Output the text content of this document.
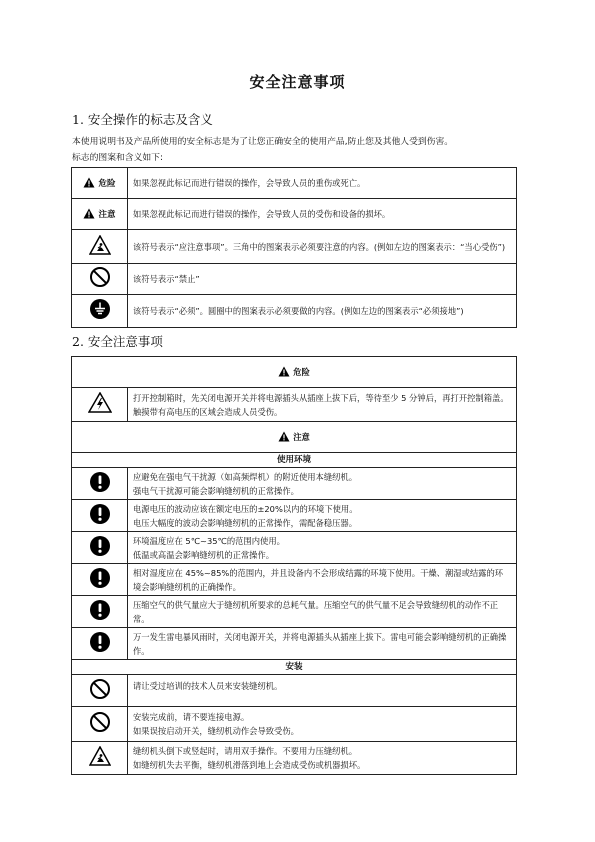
安全注意事项
1. 安全操作的标志及含义
本使用说明书及产品所使用的安全标志是为了让您正确安全的使用产品,防止您及其他人受到伤害。
标志的图案和含义如下:
危险	如果忽视此标记而进行错误的操作，会导致人员的重伤或死亡。
注意	如果忽视此标记而进行错误的操作，会导致人员的受伤和设备的损坏。
	该符号表示“应注意事项”。三角中的图案表示必须要注意的内容。(例如左边的图案表示：“当心受伤”)
	该符号表示“禁止”
	该符号表示“必须”。圆圈中的图案表示必须要做的内容。(例如左边的图案表示“必须接地”)
2. 安全注意事项
危险	
	打开控制箱时，先关闭电源开关并将电源插头从插座上拔下后，等待至少 5 分钟后，再打开控制箱盖。触摸带有高电压的区域会造成人员受伤。
注意	
使用环境	

应避免在强电气干扰源（如高频焊机）的附近使用本缝纫机。
强电气干扰源可能会影响缝纫机的正常操作。

电源电压的波动应该在额定电压的±20%以内的环境下使用。
电压大幅度的波动会影响缝纫机的正常操作，需配备稳压器。

环境温度应在 5℃~35℃的范围内使用。
低温或高温会影响缝纫机的正常操作。

相对湿度应在 45%~85%的范围内，并且设备内不会形成结露的环境下使用。干燥、潮湿或结露的环境会影响缝纫机的正确操作。

压缩空气的供气量应大于缝纫机所要求的总耗气量。压缩空气的供气量不足会导致缝纫机的动作不正常。

万一发生雷电暴风雨时，关闭电源开关，并将电源插头从插座上拔下。雷电可能会影响缝纫机的正确操作。

安装	

请让受过培训的技术人员来安装缝纫机。

安装完成前，请不要连接电源。
如果误按启动开关，缝纫机动作会导致受伤。

缝纫机头倒下或竖起时，请用双手操作。不要用力压缝纫机。
如缝纫机失去平衡，缝纫机滑落到地上会造成受伤或机器损坏。
